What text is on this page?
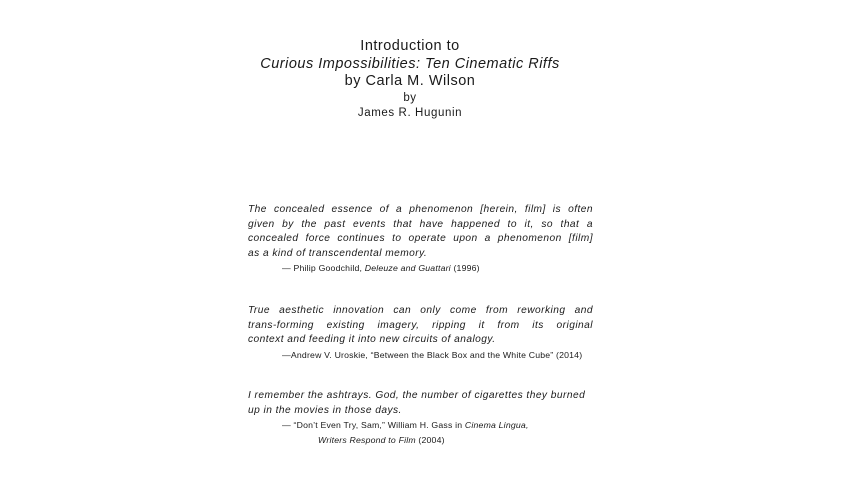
Introduction to
Curious Impossibilities: Ten Cinematic Riffs
by Carla M. Wilson
by
James R. Hugunin
The concealed essence of a phenomenon [herein, film] is often
given by the past events that have happened to it, so that a
concealed force continues to operate upon a phenomenon [film]
as a kind of transcendental memory.
— Philip Goodchild, Deleuze and Guattari (1996)
True aesthetic innovation can only come from reworking and
trans-forming existing imagery, ripping it from its original
context and feeding it into new circuits of analogy.
—Andrew V. Uroskie, “Between the Black Box and the White Cube” (2014)
I remember the ashtrays. God, the number of cigarettes they burned
up in the movies in those days.
— “Don’t Even Try, Sam,” William H. Gass in Cinema Lingua,
Writers Respond to Film (2004)
